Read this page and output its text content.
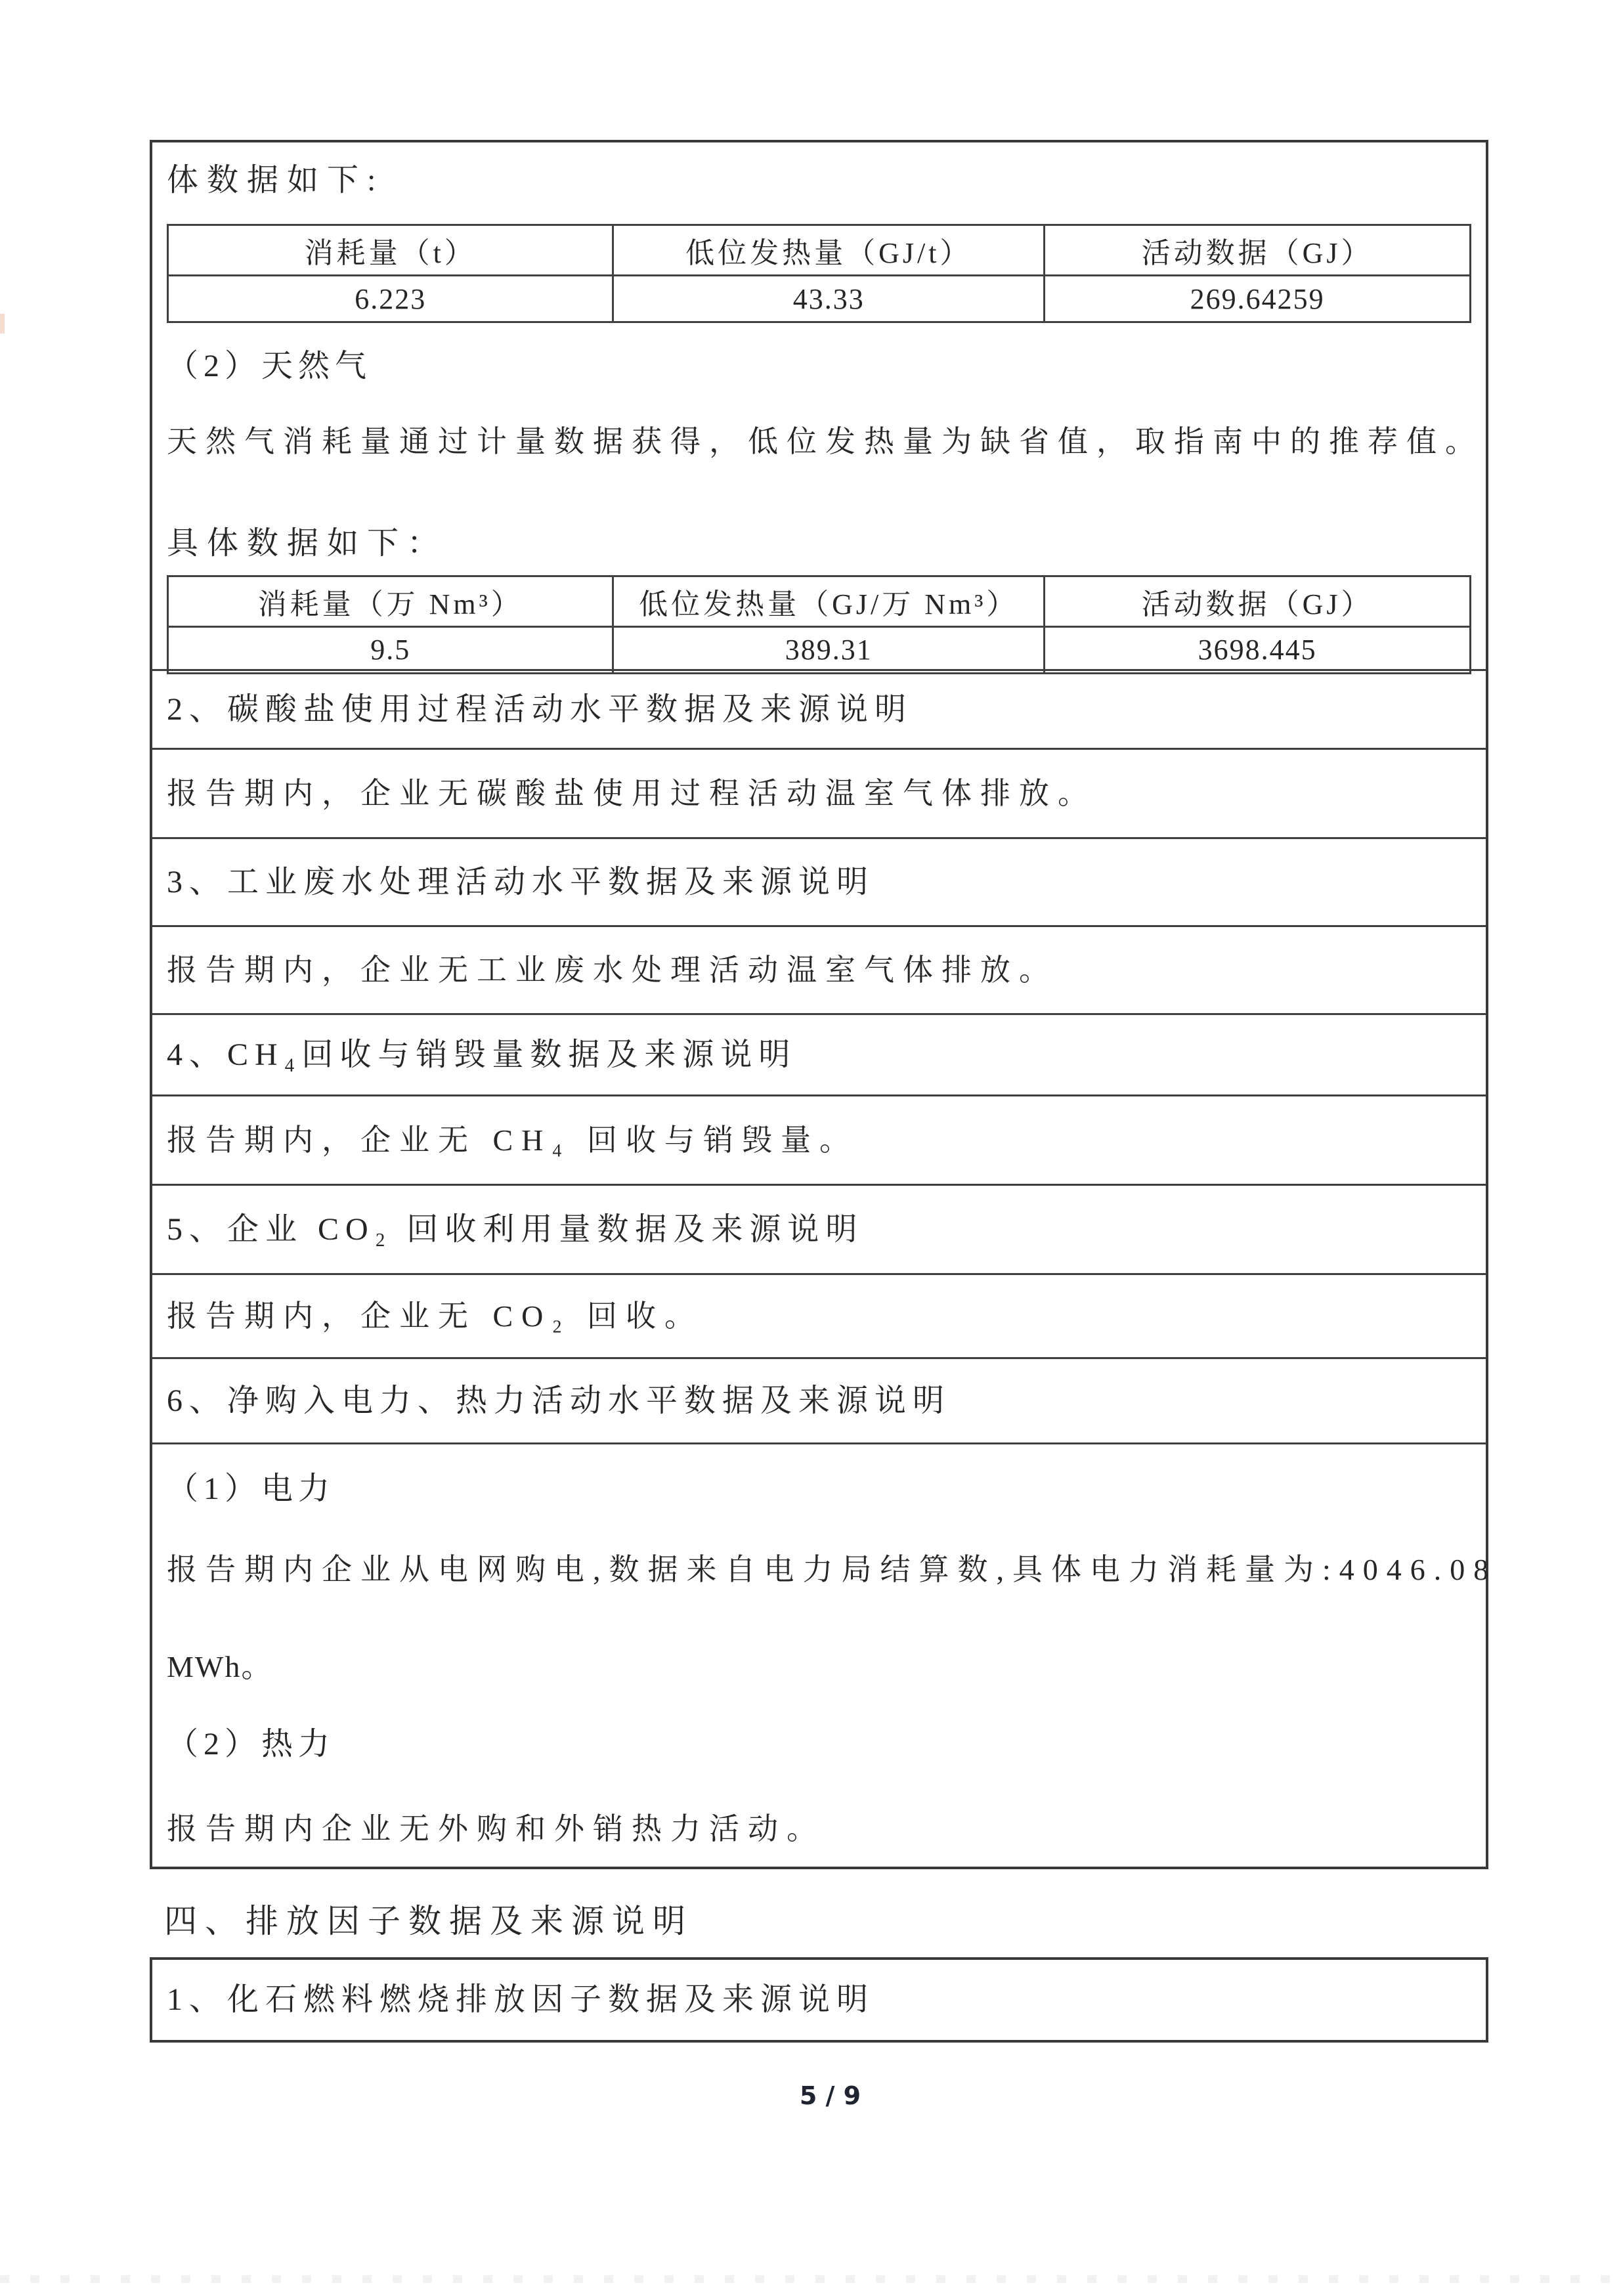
体数据如下:
消耗量（t）	低位发热量（GJ/t）	活动数据（GJ）
6.223	43.33	269.64259
（2）天然气
天然气消耗量通过计量数据获得，低位发热量为缺省值，取指南中的推荐值。
具体数据如下：
消耗量（万 Nm³）	低位发热量（GJ/万 Nm³）	活动数据（GJ）
9.5	389.31	3698.445
2、碳酸盐使用过程活动水平数据及来源说明
报告期内，企业无碳酸盐使用过程活动温室气体排放。
3、工业废水处理活动水平数据及来源说明
报告期内，企业无工业废水处理活动温室气体排放。
4、CH₄回收与销毁量数据及来源说明
报告期内，企业无 CH₄ 回收与销毁量。
5、企业 CO₂ 回收利用量数据及来源说明
报告期内，企业无 CO₂ 回收。
6、净购入电力、热力活动水平数据及来源说明
（1）电力
报告期内企业从电网购电,数据来自电力局结算数,具体电力消耗量为:4046.08
MWh。
（2）热力
报告期内企业无外购和外销热力活动。
四、排放因子数据及来源说明
1、化石燃料燃烧排放因子数据及来源说明
5 / 9
